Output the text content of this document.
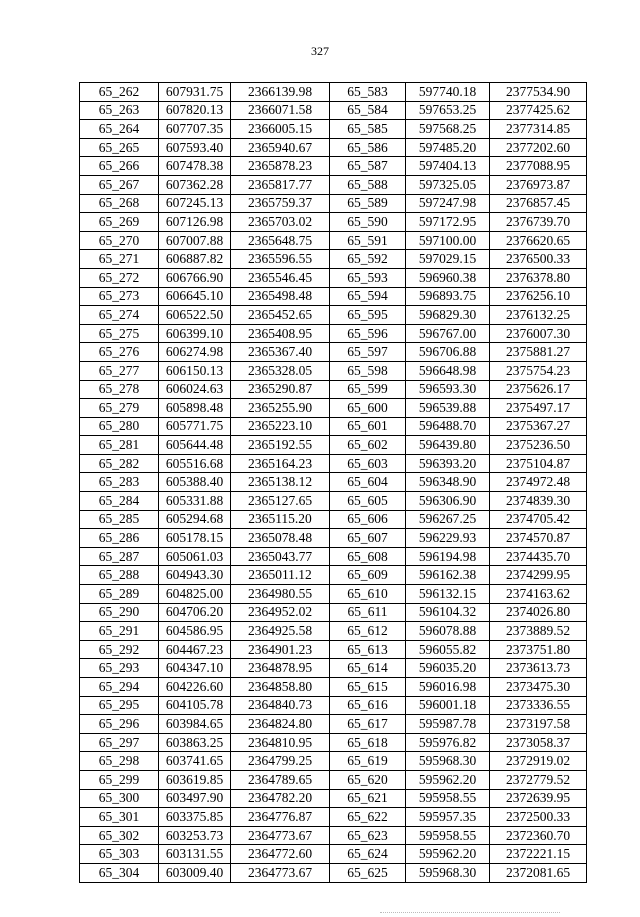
327
65_262	607931.75	2366139.98	65_583	597740.18	2377534.90
65_263	607820.13	2366071.58	65_584	597653.25	2377425.62
65_264	607707.35	2366005.15	65_585	597568.25	2377314.85
65_265	607593.40	2365940.67	65_586	597485.20	2377202.60
65_266	607478.38	2365878.23	65_587	597404.13	2377088.95
65_267	607362.28	2365817.77	65_588	597325.05	2376973.87
65_268	607245.13	2365759.37	65_589	597247.98	2376857.45
65_269	607126.98	2365703.02	65_590	597172.95	2376739.70
65_270	607007.88	2365648.75	65_591	597100.00	2376620.65
65_271	606887.82	2365596.55	65_592	597029.15	2376500.33
65_272	606766.90	2365546.45	65_593	596960.38	2376378.80
65_273	606645.10	2365498.48	65_594	596893.75	2376256.10
65_274	606522.50	2365452.65	65_595	596829.30	2376132.25
65_275	606399.10	2365408.95	65_596	596767.00	2376007.30
65_276	606274.98	2365367.40	65_597	596706.88	2375881.27
65_277	606150.13	2365328.05	65_598	596648.98	2375754.23
65_278	606024.63	2365290.87	65_599	596593.30	2375626.17
65_279	605898.48	2365255.90	65_600	596539.88	2375497.17
65_280	605771.75	2365223.10	65_601	596488.70	2375367.27
65_281	605644.48	2365192.55	65_602	596439.80	2375236.50
65_282	605516.68	2365164.23	65_603	596393.20	2375104.87
65_283	605388.40	2365138.12	65_604	596348.90	2374972.48
65_284	605331.88	2365127.65	65_605	596306.90	2374839.30
65_285	605294.68	2365115.20	65_606	596267.25	2374705.42
65_286	605178.15	2365078.48	65_607	596229.93	2374570.87
65_287	605061.03	2365043.77	65_608	596194.98	2374435.70
65_288	604943.30	2365011.12	65_609	596162.38	2374299.95
65_289	604825.00	2364980.55	65_610	596132.15	2374163.62
65_290	604706.20	2364952.02	65_611	596104.32	2374026.80
65_291	604586.95	2364925.58	65_612	596078.88	2373889.52
65_292	604467.23	2364901.23	65_613	596055.82	2373751.80
65_293	604347.10	2364878.95	65_614	596035.20	2373613.73
65_294	604226.60	2364858.80	65_615	596016.98	2373475.30
65_295	604105.78	2364840.73	65_616	596001.18	2373336.55
65_296	603984.65	2364824.80	65_617	595987.78	2373197.58
65_297	603863.25	2364810.95	65_618	595976.82	2373058.37
65_298	603741.65	2364799.25	65_619	595968.30	2372919.02
65_299	603619.85	2364789.65	65_620	595962.20	2372779.52
65_300	603497.90	2364782.20	65_621	595958.55	2372639.95
65_301	603375.85	2364776.87	65_622	595957.35	2372500.33
65_302	603253.73	2364773.67	65_623	595958.55	2372360.70
65_303	603131.55	2364772.60	65_624	595962.20	2372221.15
65_304	603009.40	2364773.67	65_625	595968.30	2372081.65
